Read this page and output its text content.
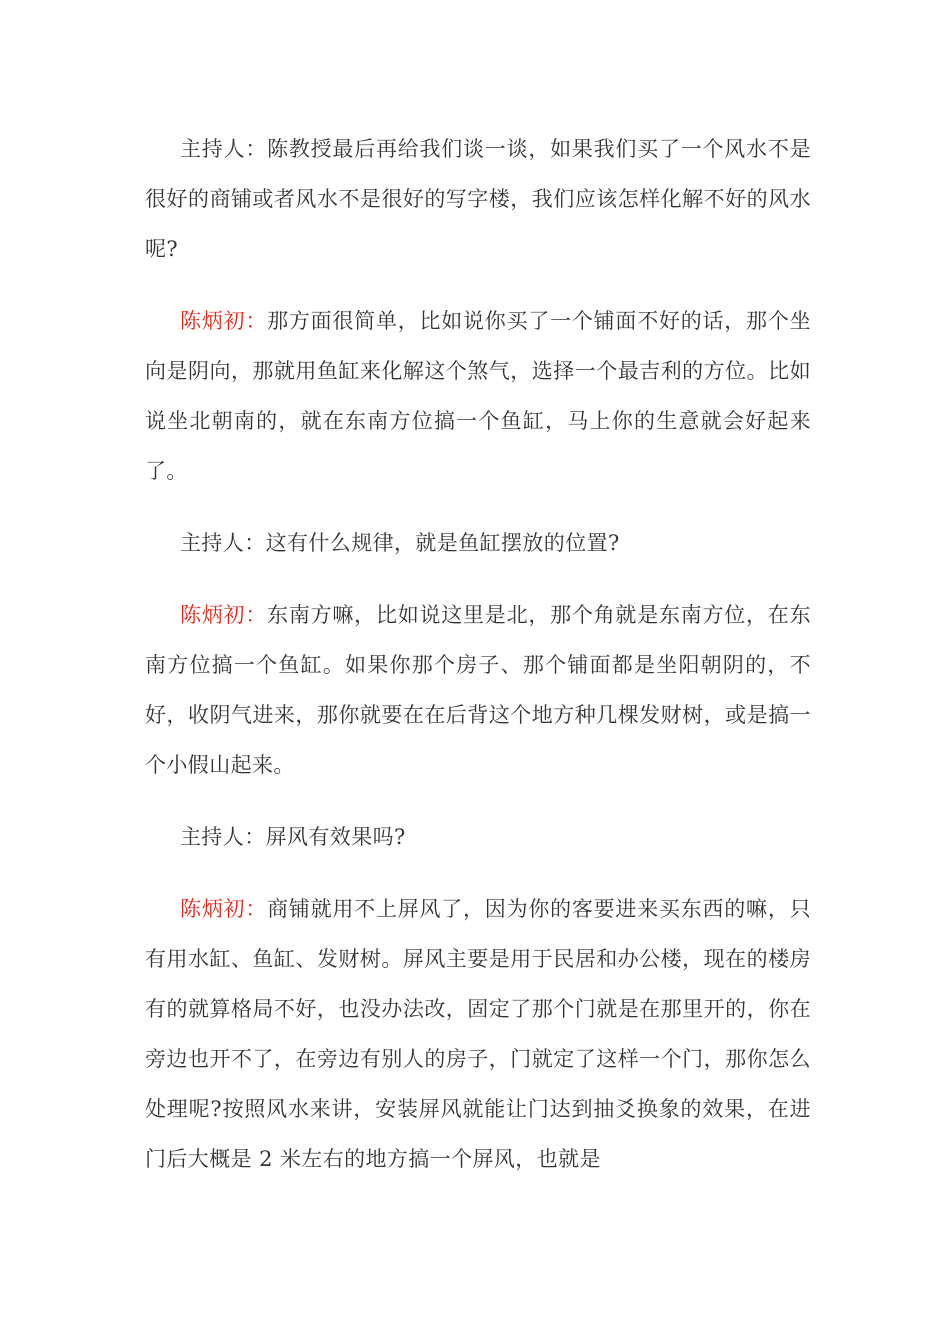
主持人：陈教授最后再给我们谈一谈，如果我们买了一个风水不是很好的商铺或者风水不是很好的写字楼，我们应该怎样化解不好的风水呢?

陈炳初：那方面很简单，比如说你买了一个铺面不好的话，那个坐向是阴向，那就用鱼缸来化解这个煞气，选择一个最吉利的方位。比如说坐北朝南的，就在东南方位搞一个鱼缸，马上你的生意就会好起来了。

主持人：这有什么规律，就是鱼缸摆放的位置?

陈炳初：东南方嘛，比如说这里是北，那个角就是东南方位，在东南方位搞一个鱼缸。如果你那个房子、那个铺面都是坐阳朝阴的，不好，收阴气进来，那你就要在在后背这个地方种几棵发财树，或是搞一个小假山起来。

主持人：屏风有效果吗?

陈炳初：商铺就用不上屏风了，因为你的客要进来买东西的嘛，只有用水缸、鱼缸、发财树。屏风主要是用于民居和办公楼，现在的楼房有的就算格局不好，也没办法改，固定了那个门就是在那里开的，你在旁边也开不了，在旁边有别人的房子，门就定了这样一个门，那你怎么处理呢?按照风水来讲，安装屏风就能让门达到抽爻换象的效果，在进门后大概是 2 米左右的地方搞一个屏风，也就是
